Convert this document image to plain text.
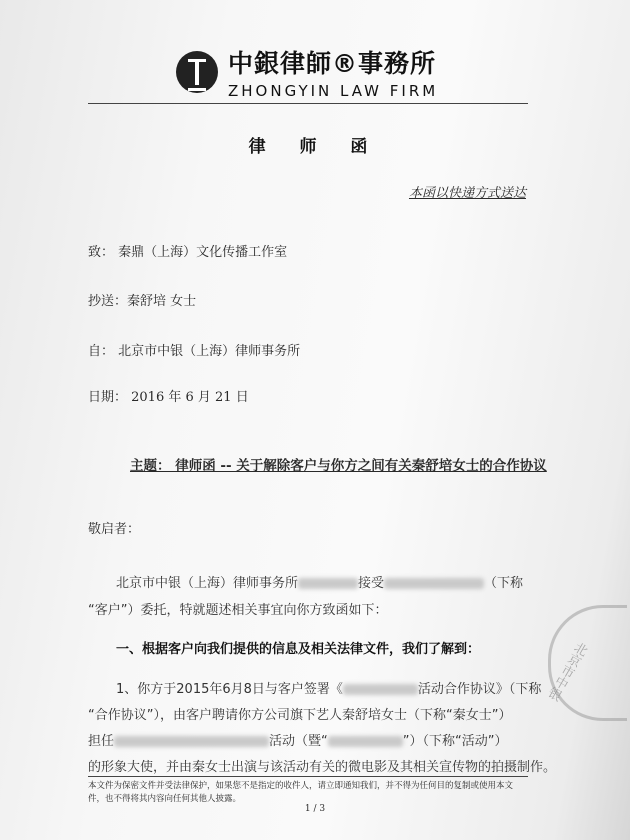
中銀律師®事務所
ZHONGYIN LAW FIRM
律 师 函
本函以快递方式送达
致： 秦鼎（上海）文化传播工作室
抄送：秦舒培 女士
自： 北京市中银（上海）律师事务所
日期： 2016 年 6 月 21 日
主题： 律师函 -- 关于解除客户与你方之间有关秦舒培女士的合作协议
敬启者：
北京市中银（上海）律师事务所	接受	（下称
“客户”）委托，特就题述相关事宜向你方致函如下：
一、根据客户向我们提供的信息及相关法律文件，我们了解到：
1、你方于2015年6月8日与客户签署《	活动合作协议》（下称
“合作协议”），由客户聘请你方公司旗下艺人秦舒培女士（下称“秦女士”）
担任	活动（暨“	”）（下称“活动”）
的形象大使，并由秦女士出演与该活动有关的微电影及其相关宣传物的拍摄制作。
本文件为保密文件并受法律保护，如果您不是指定的收件人，请立即通知我们，并不得为任何目的复制或使用本文件，也不得将其内容向任何其他人披露。
1 / 3
北京市中银
